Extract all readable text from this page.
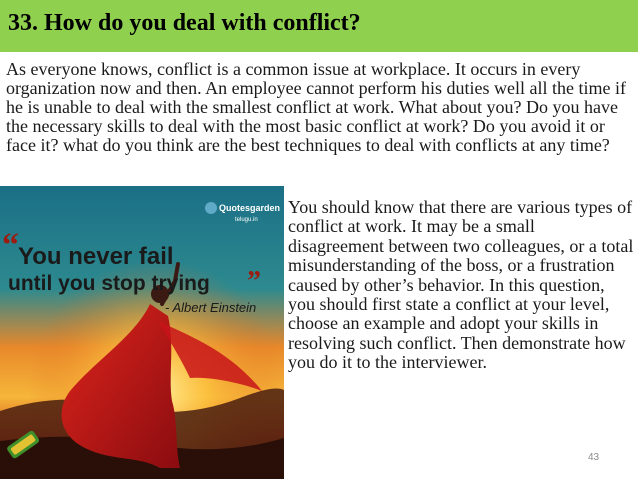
33. How do you deal with conflict?

As everyone knows, conflict is a common issue at workplace. It occurs in every organization now and then. An employee cannot perform his duties well all the time if he is unable to deal with the smallest conflict at work. What about you? Do you have the necessary skills to deal with the most basic conflict at work? Do you avoid it or face it? what do you think are the best techniques to deal with conflicts at any time?

Quotesgarden
telugu.in
“ You never fail
until you stop trying ”
- Albert Einstein

You should know that there are various types of conflict at work. It may be a small disagreement between two colleagues, or a total misunderstanding of the boss, or a frustration caused by other’s behavior. In this question, you should first state a conflict at your level, choose an example and adopt your skills in resolving such conflict. Then demonstrate how you do it to the interviewer.

43
